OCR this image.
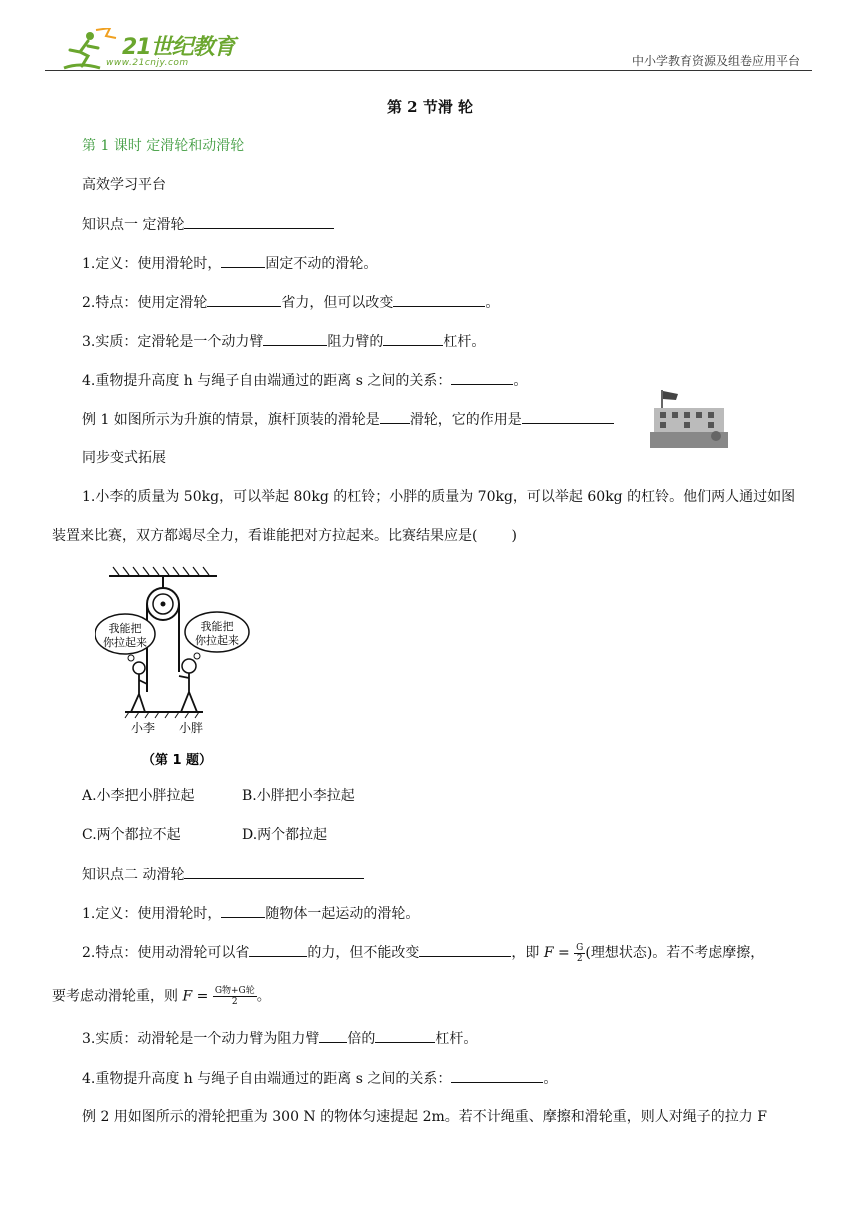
21世纪教育
www.21cnjy.com	中小学教育资源及组卷应用平台
第 2 节滑 轮
第 1 课时 定滑轮和动滑轮
高效学习平台
知识点一 定滑轮
1.定义：使用滑轮时，	固定不动的滑轮。
2.特点：使用定滑轮	省力，但可以改变	。
3.实质：定滑轮是一个动力臂	阻力臂的	杠杆。
4.重物提升高度 h 与绳子自由端通过的距离 s 之间的关系：	。
例 1 如图所示为升旗的情景，旗杆顶装的滑轮是 滑轮，它的作用是
同步变式拓展
1.小李的质量为 50kg，可以举起 80kg 的杠铃；小胖的质量为 70kg，可以举起 60kg 的杠铃。他们两人通过如图
装置来比赛，双方都竭尽全力，看谁能把对方拉起来。比赛结果应是( )
我能把
你拉起来
我能把
你拉起来
小李 小胖
（第 1 题）
A.小李把小胖拉起	B.小胖把小李拉起
C.两个都拉不起	D.两个都拉起
知识点二 动滑轮
1.定义：使用滑轮时，	随物体一起运动的滑轮。
2.特点：使用动滑轮可以省	的力，但不能改变	，即 $F = \frac{G}{2}$ (理想状态)。若不考虑摩擦，
要考虑动滑轮重，则 $F = \frac{\text{G物+G轮}}{2}$ 。
3.实质：动滑轮是一个动力臂为阻力臂 倍的	杠杆。
4.重物提升高度 h 与绳子自由端通过的距离 s 之间的关系：	。
例 2 用如图所示的滑轮把重为 300 N 的物体匀速提起 2m。若不计绳重、摩擦和滑轮重，则人对绳子的拉力 F
